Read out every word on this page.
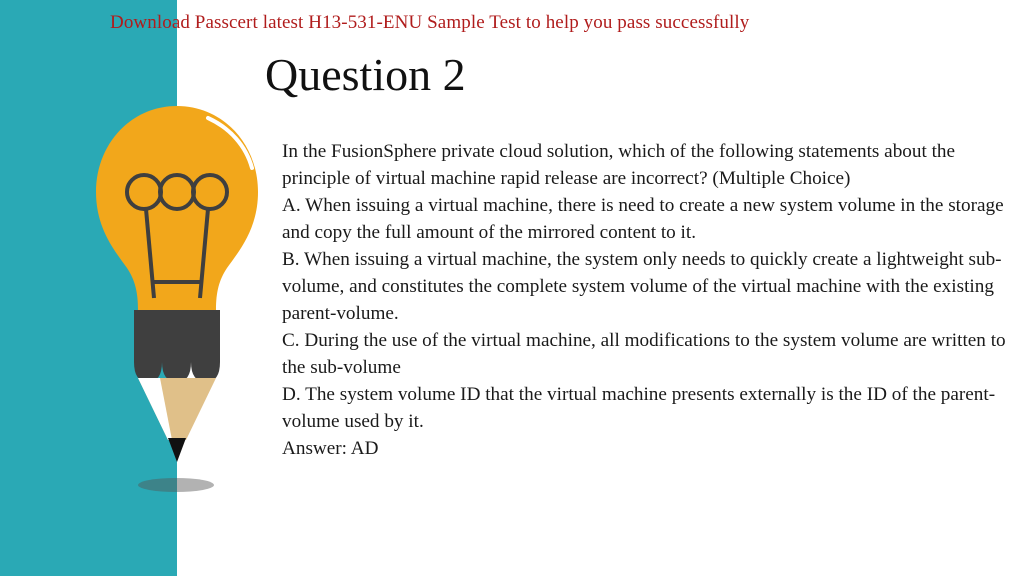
Download Passcert latest H13-531-ENU Sample Test to help you pass successfully
Question 2

In the FusionSphere private cloud solution, which of the following statements about the principle of virtual machine rapid release are incorrect? (Multiple Choice)

A. When issuing a virtual machine, there is need to create a new system volume in the storage and copy the full amount of the mirrored content to it.

B. When issuing a virtual machine, the system only needs to quickly create a lightweight sub-volume, and constitutes the complete system volume of the virtual machine with the existing parent-volume.

C. During the use of the virtual machine, all modifications to the system volume are written to the sub-volume

D. The system volume ID that the virtual machine presents externally is the ID of the parent-volume used by it.

Answer: AD
